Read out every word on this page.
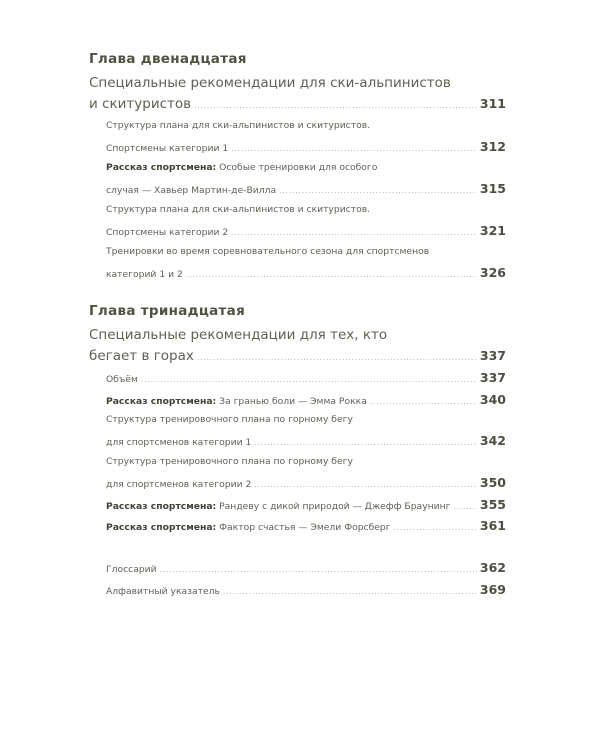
Глава двенадцатая
Специальные рекомендации для ски-альпинистов
и скитуристов .....	311
Структура плана для ски-альпинистов и скитуристов.
Спортсмены категории 1 .....	312
Рассказ спортсмена: Особые тренировки для особого
случая — Хавьер Мартин-де-Вилла .....	315
Структура плана для ски-альпинистов и скитуристов.
Спортсмены категории 2 .....	321
Тренировки во время соревновательного сезона для спортсменов
категорий 1 и 2 .....	326
Глава тринадцатая
Специальные рекомендации для тех, кто
бегает в горах .....	337
Объём .....	337
Рассказ спортсмена: За гранью боли — Эмма Рокка .....	340
Структура тренировочного плана по горному бегу
для спортсменов категории 1 .....	342
Структура тренировочного плана по горному бегу
для спортсменов категории 2 .....	350
Рассказ спортсмена: Рандеву с дикой природой — Джефф Браунинг ..... 355
Рассказ спортсмена: Фактор счастья — Эмели Форсберг .....	361
Глоссарий .....	362
Алфавитный указатель .....	369
